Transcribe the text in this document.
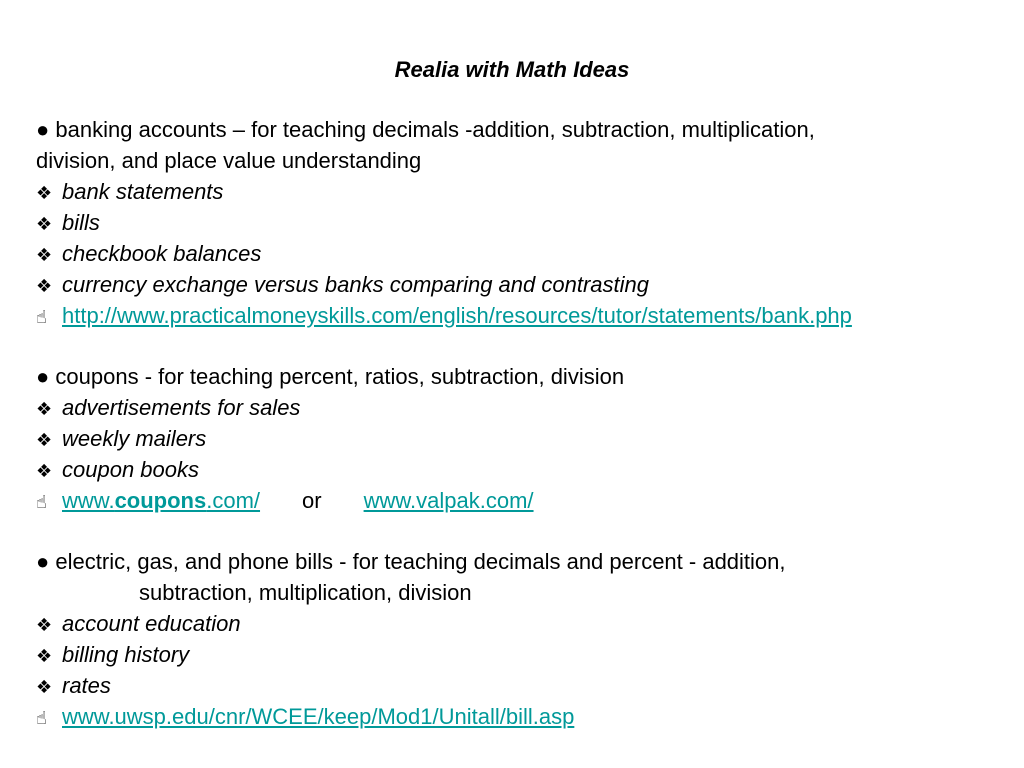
Realia with Math Ideas
● banking accounts – for teaching decimals -addition, subtraction, multiplication,
division, and place value understanding
❖ bank statements
❖ bills
❖ checkbook balances
❖ currency exchange versus banks comparing and contrasting
☝ http://www.practicalmoneyskills.com/english/resources/tutor/statements/bank.php
● coupons - for teaching percent, ratios, subtraction, division
❖ advertisements for sales
❖ weekly mailers
❖ coupon books
☝ www.coupons.com/ or www.valpak.com/
● electric, gas, and phone bills - for teaching decimals and percent - addition,
subtraction, multiplication, division
❖ account education
❖ billing history
❖ rates
☝ www.uwsp.edu/cnr/WCEE/keep/Mod1/Unitall/bill.asp
